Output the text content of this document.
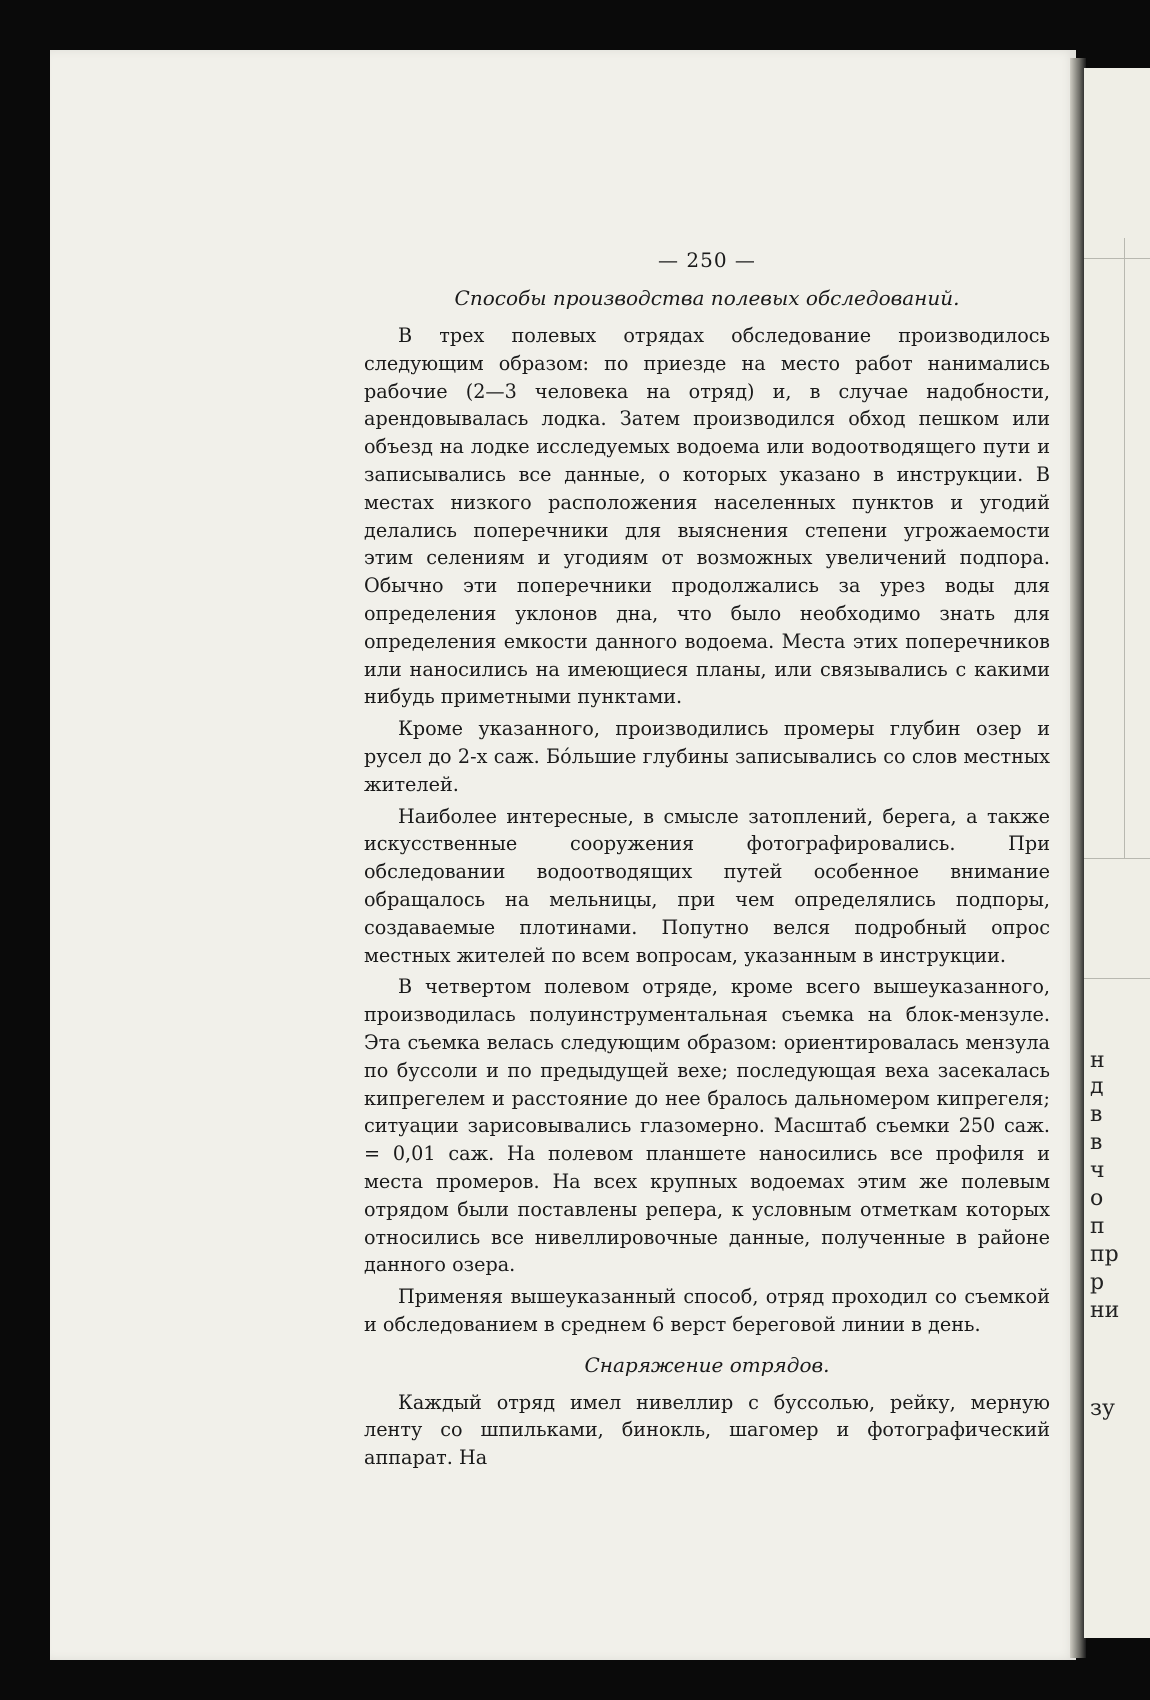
— 250 —
Способы производства полевых обследований.

В трех полевых отрядах обследование производилось следующим образом: по приезде на место работ нанимались рабочие (2—3 человека на отряд) и, в случае надобности, арендовывалась лодка. Затем производился обход пешком или объезд на лодке исследуемых водоема или водоотводящего пути и записывались все данные, о которых указано в инструкции. В местах низкого расположения населенных пунктов и угодий делались поперечники для выяснения степени угрожаемости этим селениям и угодиям от возможных увеличений подпора. Обычно эти поперечники продолжались за урез воды для определения уклонов дна, что было необходимо знать для определения емкости данного водоема. Места этих поперечников или наносились на имеющиеся планы, или связывались с какими нибудь приметными пунктами.

Кроме указанного, производились промеры глубин озер и русел до 2-х саж. Бо́льшие глубины записывались со слов местных жителей.

Наиболее интересные, в смысле затоплений, берега, а также искусственные сооружения фотографировались. При обследовании водоотводящих путей особенное внимание обращалось на мельницы, при чем определялись подпоры, создаваемые плотинами. Попутно велся подробный опрос местных жителей по всем вопросам, указанным в инструкции.

В четвертом полевом отряде, кроме всего вышеуказанного, производилась полуинструментальная съемка на блок-мензуле. Эта съемка велась следующим образом: ориентировалась мензула по буссоли и по предыдущей вехе; последующая веха засекалась кипрегелем и расстояние до нее бралось дальномером кипрегеля; ситуации зарисовывались глазомерно. Масштаб съемки 250 саж. = 0,01 саж. На полевом планшете наносились все профиля и места промеров. На всех крупных водоемах этим же полевым отрядом были поставлены репера, к условным отметкам которых относились все нивеллировочные данные, полученные в районе данного озера.

Применяя вышеуказанный способ, отряд проходил со съемкой и обследованием в среднем 6 верст береговой линии в день.

Снаряжение отрядов.

Каждый отряд имел нивеллир с буссолью, рейку, мерную ленту со шпильками, бинокль, шагомер и фотографический аппарат. На

н
д
в
в
ч
о
п
пр
р
ни
зу
